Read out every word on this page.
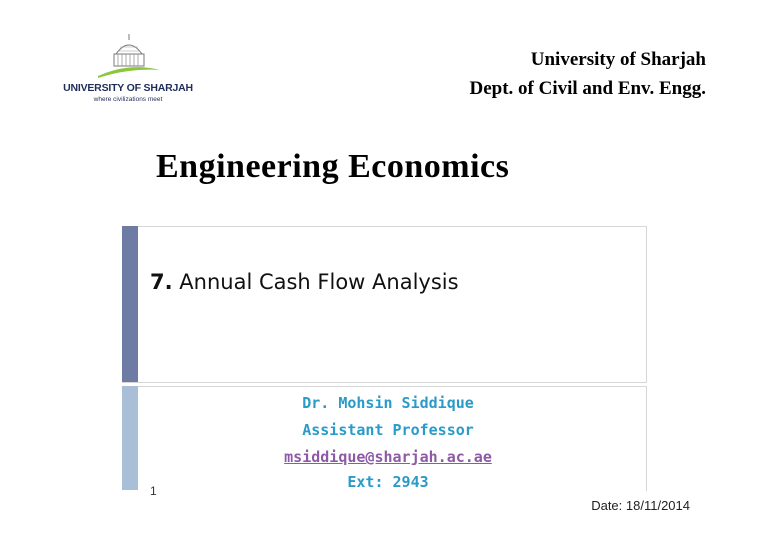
UNIVERSITY OF SHARJAH
where civilizations meet
University of Sharjah
Dept. of Civil and Env. Engg.
Engineering Economics
7. Annual Cash Flow Analysis
Dr. Mohsin Siddique
Assistant Professor
msiddique@sharjah.ac.ae
Ext: 2943
1
Date: 18/11/2014
